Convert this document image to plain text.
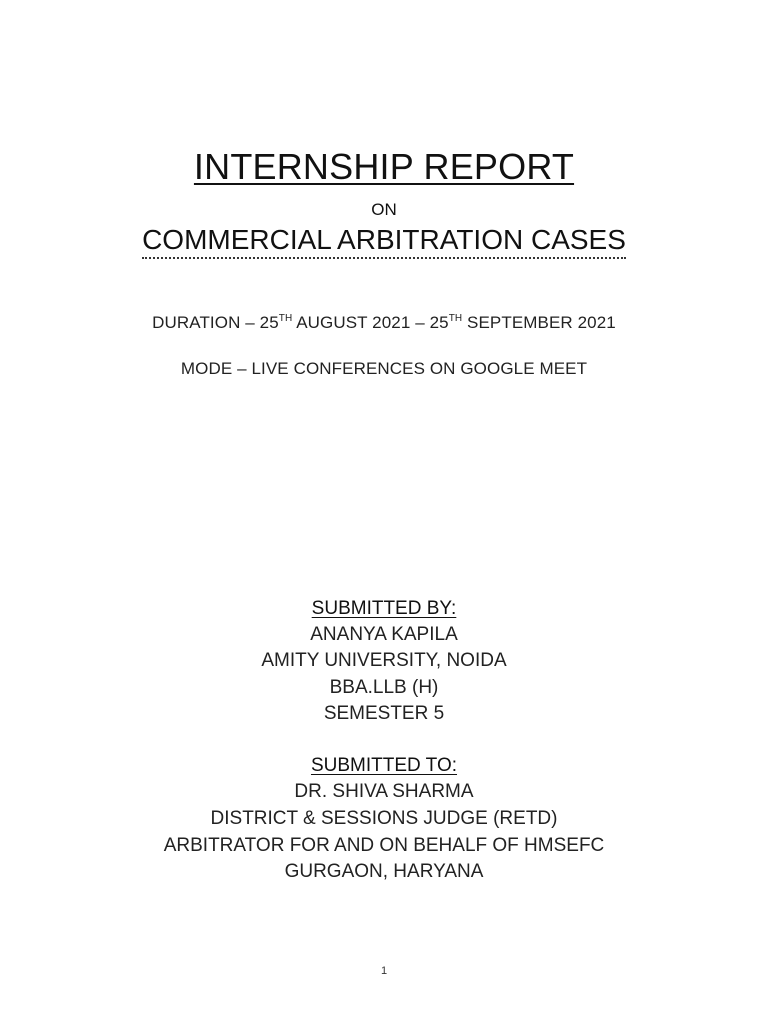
INTERNSHIP REPORT
ON
COMMERCIAL ARBITRATION CASES
DURATION – 25TH AUGUST 2021 – 25TH SEPTEMBER 2021
MODE – LIVE CONFERENCES ON GOOGLE MEET
SUBMITTED BY:
ANANYA KAPILA
AMITY UNIVERSITY, NOIDA
BBA.LLB (H)
SEMESTER 5
SUBMITTED TO:
DR. SHIVA SHARMA
DISTRICT & SESSIONS JUDGE (RETD)
ARBITRATOR FOR AND ON BEHALF OF HMSEFC
GURGAON, HARYANA
1
